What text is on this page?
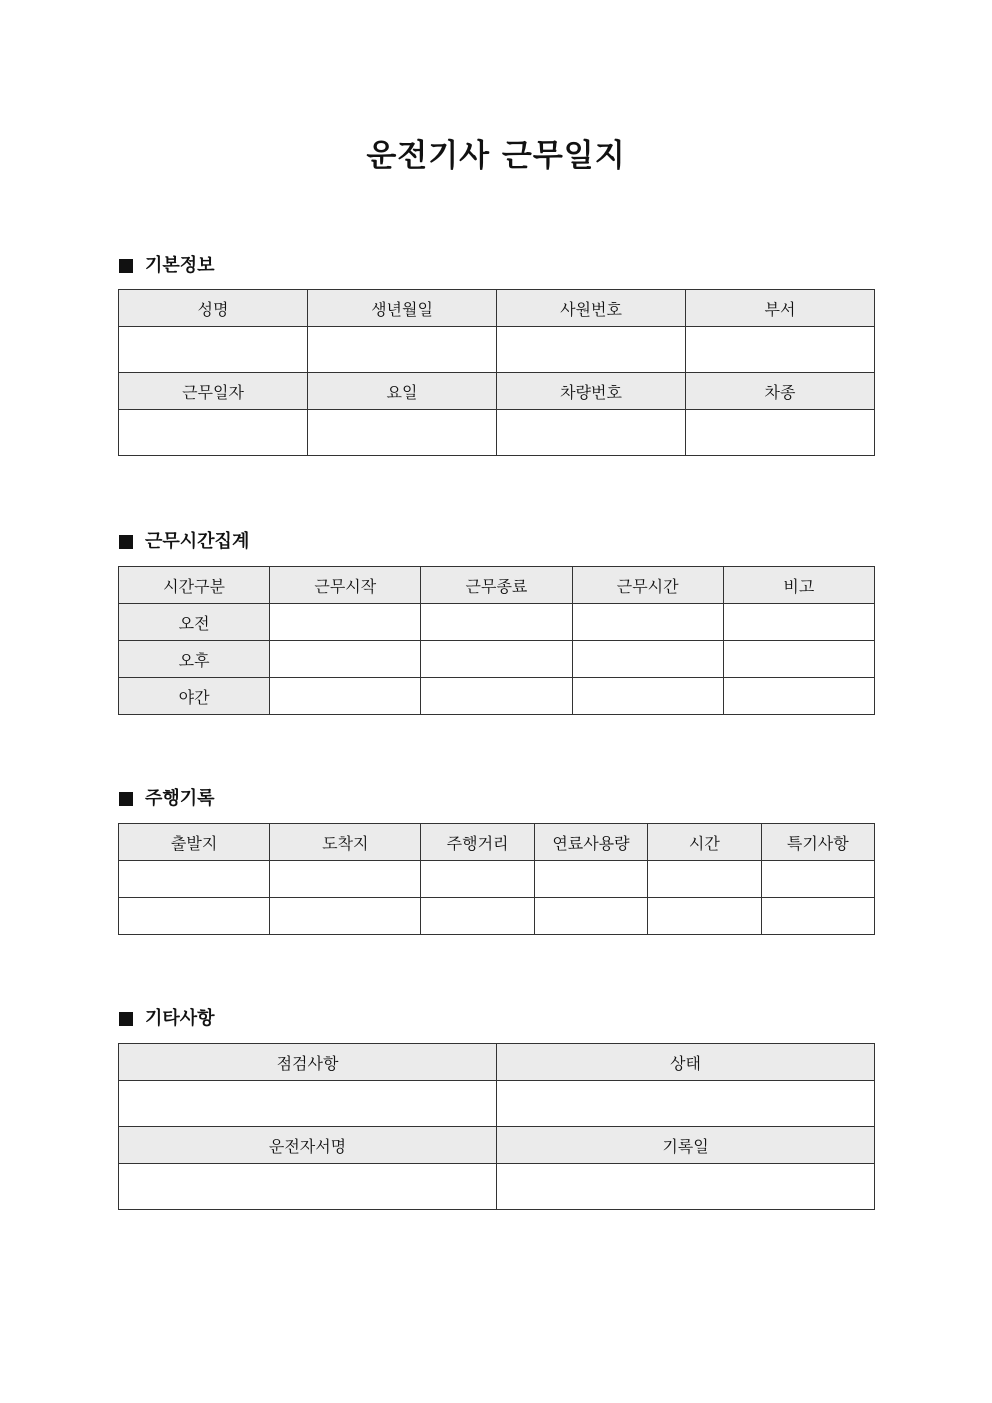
운전기사 근무일지
기본정보
성명	생년월일	사원번호	부서

근무일자	요일	차량번호	차종

근무시간집계
시간구분	근무시작	근무종료	근무시간	비고
오전				
오후				
야간				
주행기록
출발지	도착지	주행거리	연료사용량	시간	특기사항

기타사항
점검사항	상태

운전자서명	기록일
